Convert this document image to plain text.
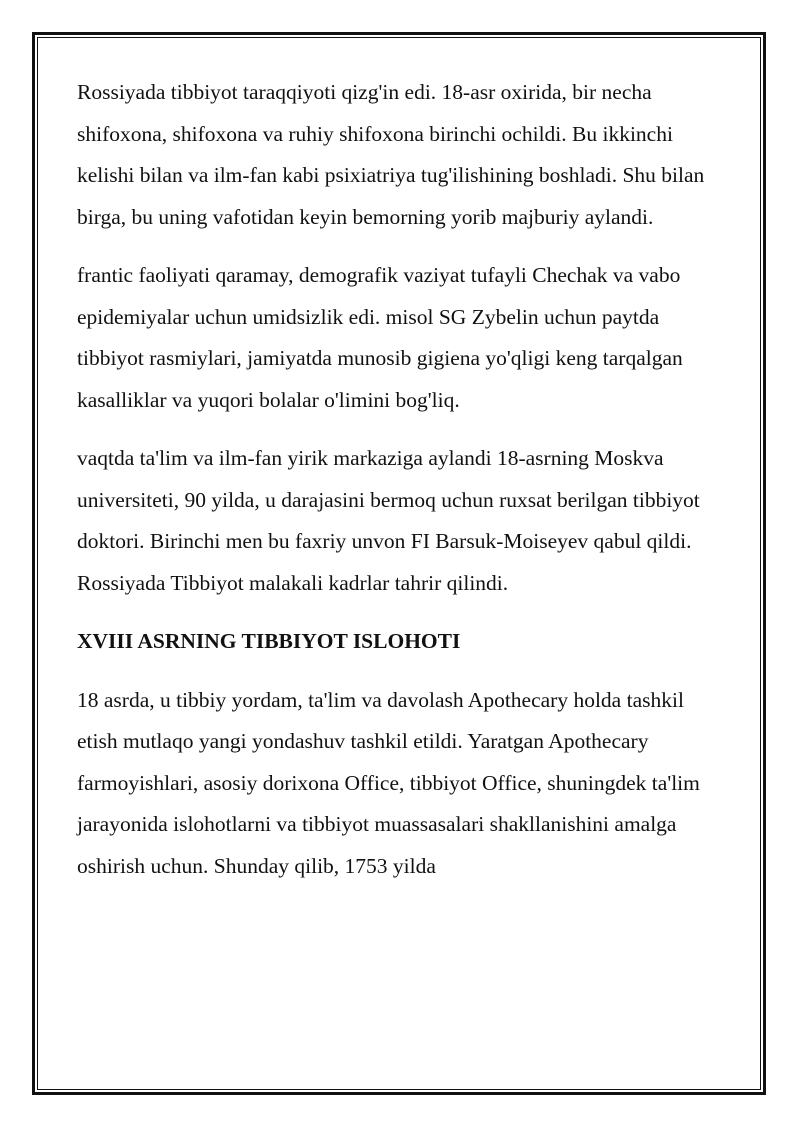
Rossiyada tibbiyot taraqqiyoti qizg'in edi. 18-asr oxirida, bir necha shifoxona, shifoxona va ruhiy shifoxona birinchi ochildi. Bu ikkinchi kelishi bilan va ilm-fan kabi psixiatriya tug'ilishining boshladi. Shu bilan birga, bu uning vafotidan keyin bemorning yorib majburiy aylandi.

frantic faoliyati qaramay, demografik vaziyat tufayli Chechak va vabo epidemiyalar uchun umidsizlik edi. misol SG Zybelin uchun paytda tibbiyot rasmiylari, jamiyatda munosib gigiena yo'qligi keng tarqalgan kasalliklar va yuqori bolalar o'limini bog'liq.

vaqtda ta'lim va ilm-fan yirik markaziga aylandi 18-asrning Moskva universiteti, 90 yilda, u darajasini bermoq uchun ruxsat berilgan tibbiyot doktori. Birinchi men bu faxriy unvon FI Barsuk-Moiseyev qabul qildi. Rossiyada Tibbiyot malakali kadrlar tahrir qilindi.

XVIII ASRNING TIBBIYOT ISLOHOTI

18 asrda, u tibbiy yordam, ta'lim va davolash Apothecary holda tashkil etish mutlaqo yangi yondashuv tashkil etildi. Yaratgan Apothecary farmoyishlari, asosiy dorixona Office, tibbiyot Office, shuningdek ta'lim jarayonida islohotlarni va tibbiyot muassasalari shakllanishini amalga oshirish uchun. Shunday qilib, 1753 yilda
